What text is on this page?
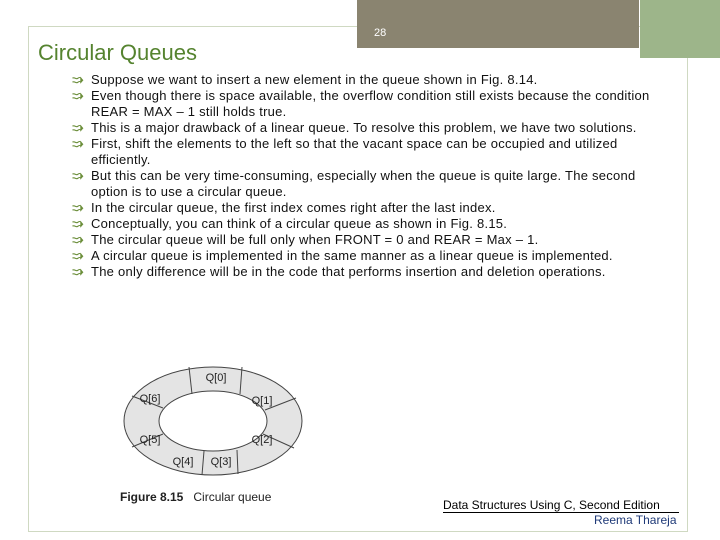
28
Circular Queues
Suppose we want to insert a new element in the queue shown in Fig. 8.14.
Even though there is space available, the overflow condition still exists because the condition REAR = MAX – 1 still holds true.
This is a major drawback of a linear queue. To resolve this problem, we have two solutions.
First, shift the elements to the left so that the vacant space can be occupied and utilized efficiently.
But this can be very time-consuming, especially when the queue is quite large. The second option is to use a circular queue.
In the circular queue, the first index comes right after the last index.
Conceptually, you can think of a circular queue as shown in Fig. 8.15.
The circular queue will be full only when FRONT = 0 and REAR = Max – 1.
A circular queue is implemented in the same manner as a linear queue is implemented.
The only difference will be in the code that performs insertion and deletion operations.
Q[0]
Q[1]
Q[2]
Q[3]
Q[4]
Q[5]
Q[6]
Figure 8.15 Circular queue
Data Structures Using C, Second Edition
Reema Thareja
